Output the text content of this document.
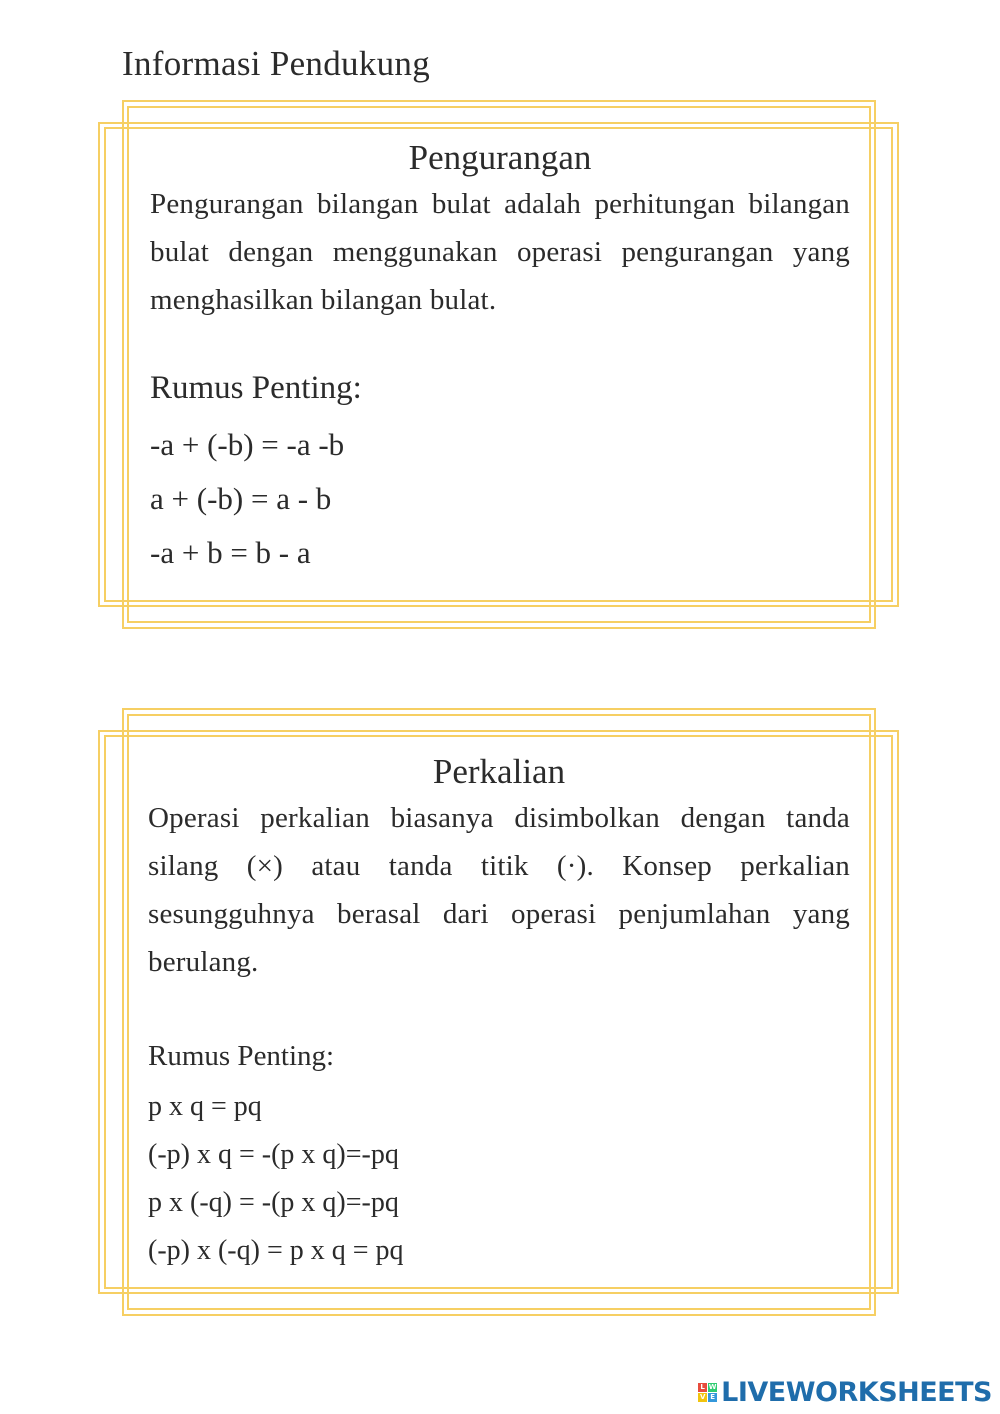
Informasi Pendukung
Pengurangan

Pengurangan bilangan bulat adalah perhitungan bilangan bulat dengan menggunakan operasi pengurangan yang menghasilkan bilangan bulat.

Rumus Penting:
-a + (-b) = -a -b
a + (-b) = a - b
-a + b = b - a
Perkalian

Operasi perkalian biasanya disimbolkan dengan tanda silang (×) atau tanda titik (·). Konsep perkalian sesungguhnya berasal dari operasi penjumlahan yang berulang.

Rumus Penting:
p x q = pq
(-p) x q = -(p x q)=-pq
p x (-q) = -(p x q)=-pq
(-p) x (-q) = p x q = pq
L W
V E LIVEWORKSHEETS
